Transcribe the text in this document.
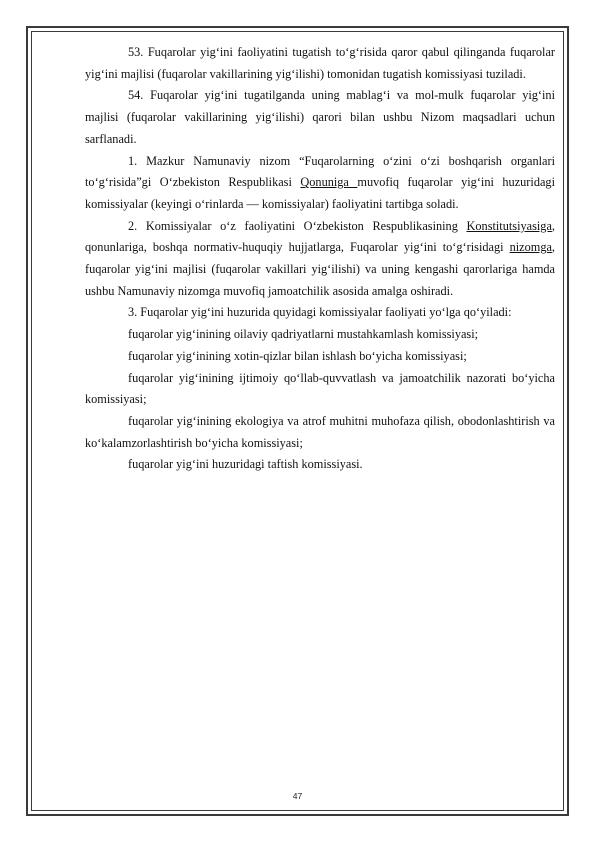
53. Fuqarolar yig‘ini faoliyatini tugatish to‘g‘risida qaror qabul qilinganda fuqarolar yig‘ini majlisi (fuqarolar vakillarining yig‘ilishi) tomonidan tugatish komissiyasi tuziladi.

54. Fuqarolar yig‘ini tugatilganda uning mablag‘i va mol-mulk fuqarolar yig‘ini majlisi (fuqarolar vakillarining yig‘ilishi) qarori bilan ushbu Nizom maqsadlari uchun sarflanadi.

1. Mazkur Namunaviy nizom “Fuqarolarning o‘zini o‘zi boshqarish organlari to‘g‘risida”gi O‘zbekiston Respublikasi Qonuniga muvofiq fuqarolar yig‘ini huzuridagi komissiyalar (keyingi o‘rinlarda — komissiyalar) faoliyatini tartibga soladi.

2. Komissiyalar o‘z faoliyatini O‘zbekiston Respublikasining Konstitutsiyasiga, qonunlariga, boshqa normativ-huquqiy hujjatlarga, Fuqarolar yig‘ini to‘g‘risidagi nizomga, fuqarolar yig‘ini majlisi (fuqarolar vakillari yig‘ilishi) va uning kengashi qarorlariga hamda ushbu Namunaviy nizomga muvofiq jamoatchilik asosida amalga oshiradi.

3. Fuqarolar yig‘ini huzurida quyidagi komissiyalar faoliyati yo‘lga qo‘yiladi:

fuqarolar yig‘inining oilaviy qadriyatlarni mustahkamlash komissiyasi;

fuqarolar yig‘inining xotin-qizlar bilan ishlash bo‘yicha komissiyasi;

fuqarolar yig‘inining ijtimoiy qo‘llab-quvvatlash va jamoatchilik nazorati bo‘yicha komissiyasi;

fuqarolar yig‘inining ekologiya va atrof muhitni muhofaza qilish, obodonlashtirish va ko‘kalamzorlashtirish bo‘yicha komissiyasi;

fuqarolar yig‘ini huzuridagi taftish komissiyasi.

47
